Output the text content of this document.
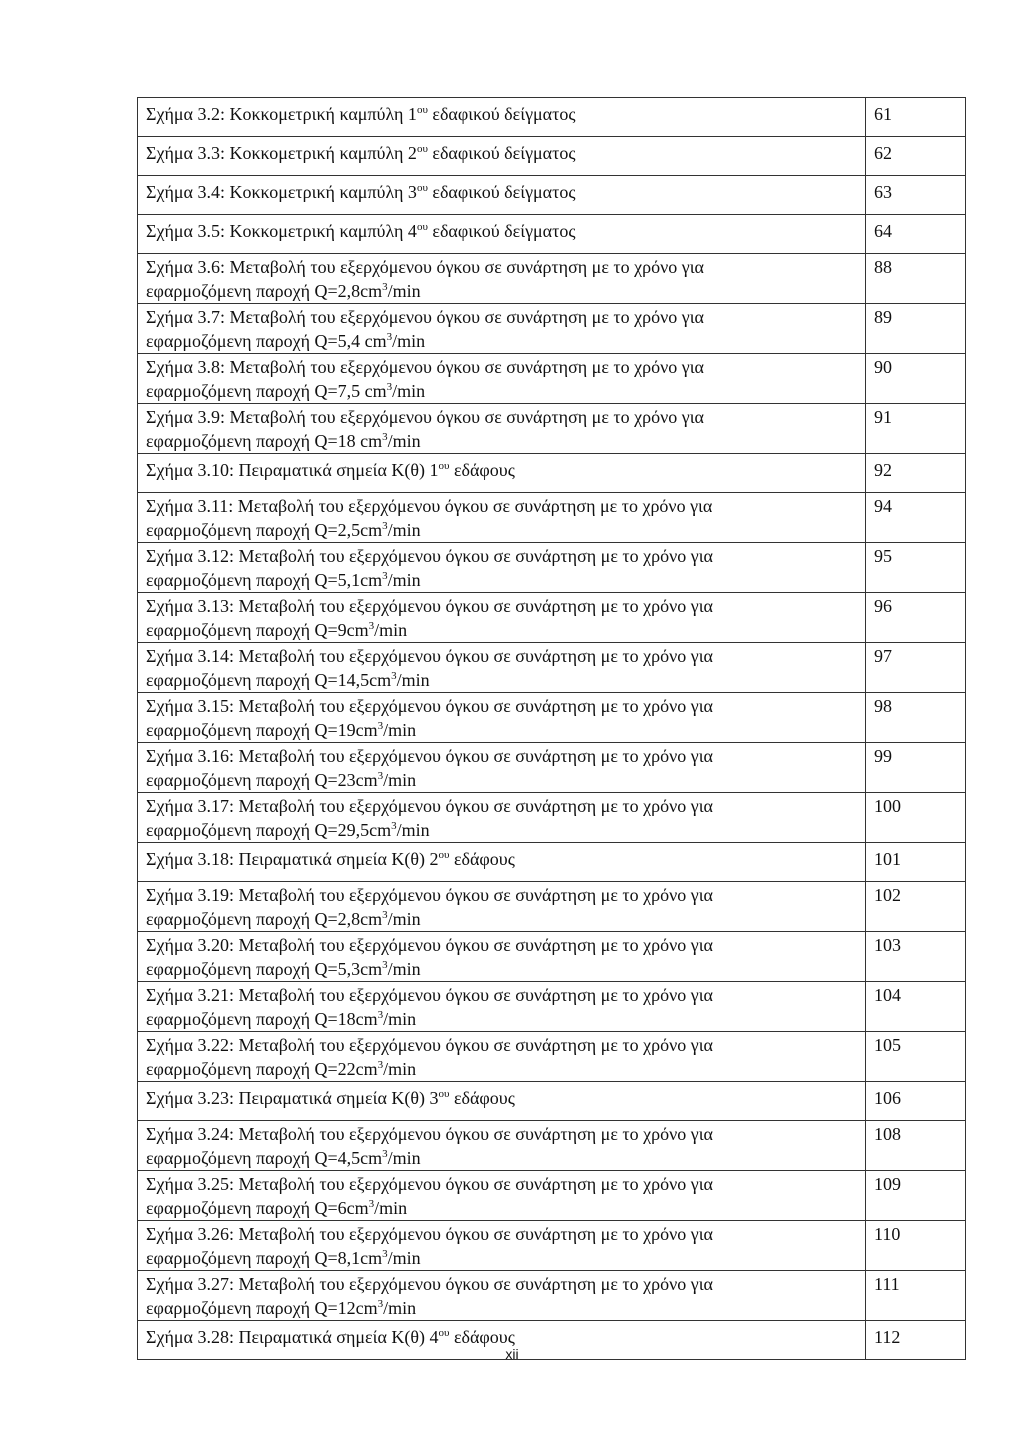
Σχήμα 3.2: Κοκκομετρική καμπύλη $1^{o\upsilon}$ εδαφικού δείγματος	61

Σχήμα 3.3: Κοκκομετρική καμπύλη $2^{o\upsilon}$ εδαφικού δείγματος	62

Σχήμα 3.4: Κοκκομετρική καμπύλη $3^{o\upsilon}$ εδαφικού δείγματος	63

Σχήμα 3.5: Κοκκομετρική καμπύλη $4^{o\upsilon}$ εδαφικού δείγματος	64

Σχήμα 3.6: Μεταβολή του εξερχόμενου όγκου σε συνάρτηση με το χρόνο για
εφαρμοζόμενη παροχή $Q=2,8cm^3/\min$	88

Σχήμα 3.7: Μεταβολή του εξερχόμενου όγκου σε συνάρτηση με το χρόνο για
εφαρμοζόμενη παροχή Q=5,4 $cm^3/\min$	89

Σχήμα 3.8: Μεταβολή του εξερχόμενου όγκου σε συνάρτηση με το χρόνο για
εφαρμοζόμενη παροχή Q=7,5 $cm^3/\min$	90

Σχήμα 3.9: Μεταβολή του εξερχόμενου όγκου σε συνάρτηση με το χρόνο για
εφαρμοζόμενη παροχή Q=18 $cm^3/\min$	91

Σχήμα 3.10: Πειραματικά σημεία Κ(θ) $1^{o\upsilon}$ εδάφους	92

Σχήμα 3.11: Μεταβολή του εξερχόμενου όγκου σε συνάρτηση με το χρόνο για
εφαρμοζόμενη παροχή $Q=2,5cm^3/\min$	94

Σχήμα 3.12: Μεταβολή του εξερχόμενου όγκου σε συνάρτηση με το χρόνο για
εφαρμοζόμενη παροχή $Q=5,1cm^3/\min$	95

Σχήμα 3.13: Μεταβολή του εξερχόμενου όγκου σε συνάρτηση με το χρόνο για
εφαρμοζόμενη παροχή $Q=9cm^3/\min$	96

Σχήμα 3.14: Μεταβολή του εξερχόμενου όγκου σε συνάρτηση με το χρόνο για
εφαρμοζόμενη παροχή $Q=14,5cm^3/\min$	97

Σχήμα 3.15: Μεταβολή του εξερχόμενου όγκου σε συνάρτηση με το χρόνο για
εφαρμοζόμενη παροχή $Q=19cm^3/\min$	98

Σχήμα 3.16: Μεταβολή του εξερχόμενου όγκου σε συνάρτηση με το χρόνο για
εφαρμοζόμενη παροχή $Q=23cm^3/\min$	99

Σχήμα 3.17: Μεταβολή του εξερχόμενου όγκου σε συνάρτηση με το χρόνο για
εφαρμοζόμενη παροχή $Q=29,5cm^3/\min$	100

Σχήμα 3.18: Πειραματικά σημεία Κ(θ) $2^{o\upsilon}$ εδάφους	101

Σχήμα 3.19: Μεταβολή του εξερχόμενου όγκου σε συνάρτηση με το χρόνο για
εφαρμοζόμενη παροχή $Q=2,8cm^3/\min$	102

Σχήμα 3.20: Μεταβολή του εξερχόμενου όγκου σε συνάρτηση με το χρόνο για
εφαρμοζόμενη παροχή $Q=5,3cm^3/\min$	103

Σχήμα 3.21: Μεταβολή του εξερχόμενου όγκου σε συνάρτηση με το χρόνο για
εφαρμοζόμενη παροχή $Q=18cm^3/\min$	104

Σχήμα 3.22: Μεταβολή του εξερχόμενου όγκου σε συνάρτηση με το χρόνο για
εφαρμοζόμενη παροχή $Q=22cm^3/\min$	105

Σχήμα 3.23: Πειραματικά σημεία Κ(θ) $3^{o\upsilon}$ εδάφους	106

Σχήμα 3.24: Μεταβολή του εξερχόμενου όγκου σε συνάρτηση με το χρόνο για
εφαρμοζόμενη παροχή $Q=4,5cm^3/\min$	108

Σχήμα 3.25: Μεταβολή του εξερχόμενου όγκου σε συνάρτηση με το χρόνο για
εφαρμοζόμενη παροχή $Q=6cm^3/\min$	109

Σχήμα 3.26: Μεταβολή του εξερχόμενου όγκου σε συνάρτηση με το χρόνο για
εφαρμοζόμενη παροχή $Q=8,1cm^3/\min$	110

Σχήμα 3.27: Μεταβολή του εξερχόμενου όγκου σε συνάρτηση με το χρόνο για
εφαρμοζόμενη παροχή $Q=12cm^3/\min$	111

Σχήμα 3.28: Πειραματικά σημεία Κ(θ) $4^{o\upsilon}$ εδάφους	112
xii
